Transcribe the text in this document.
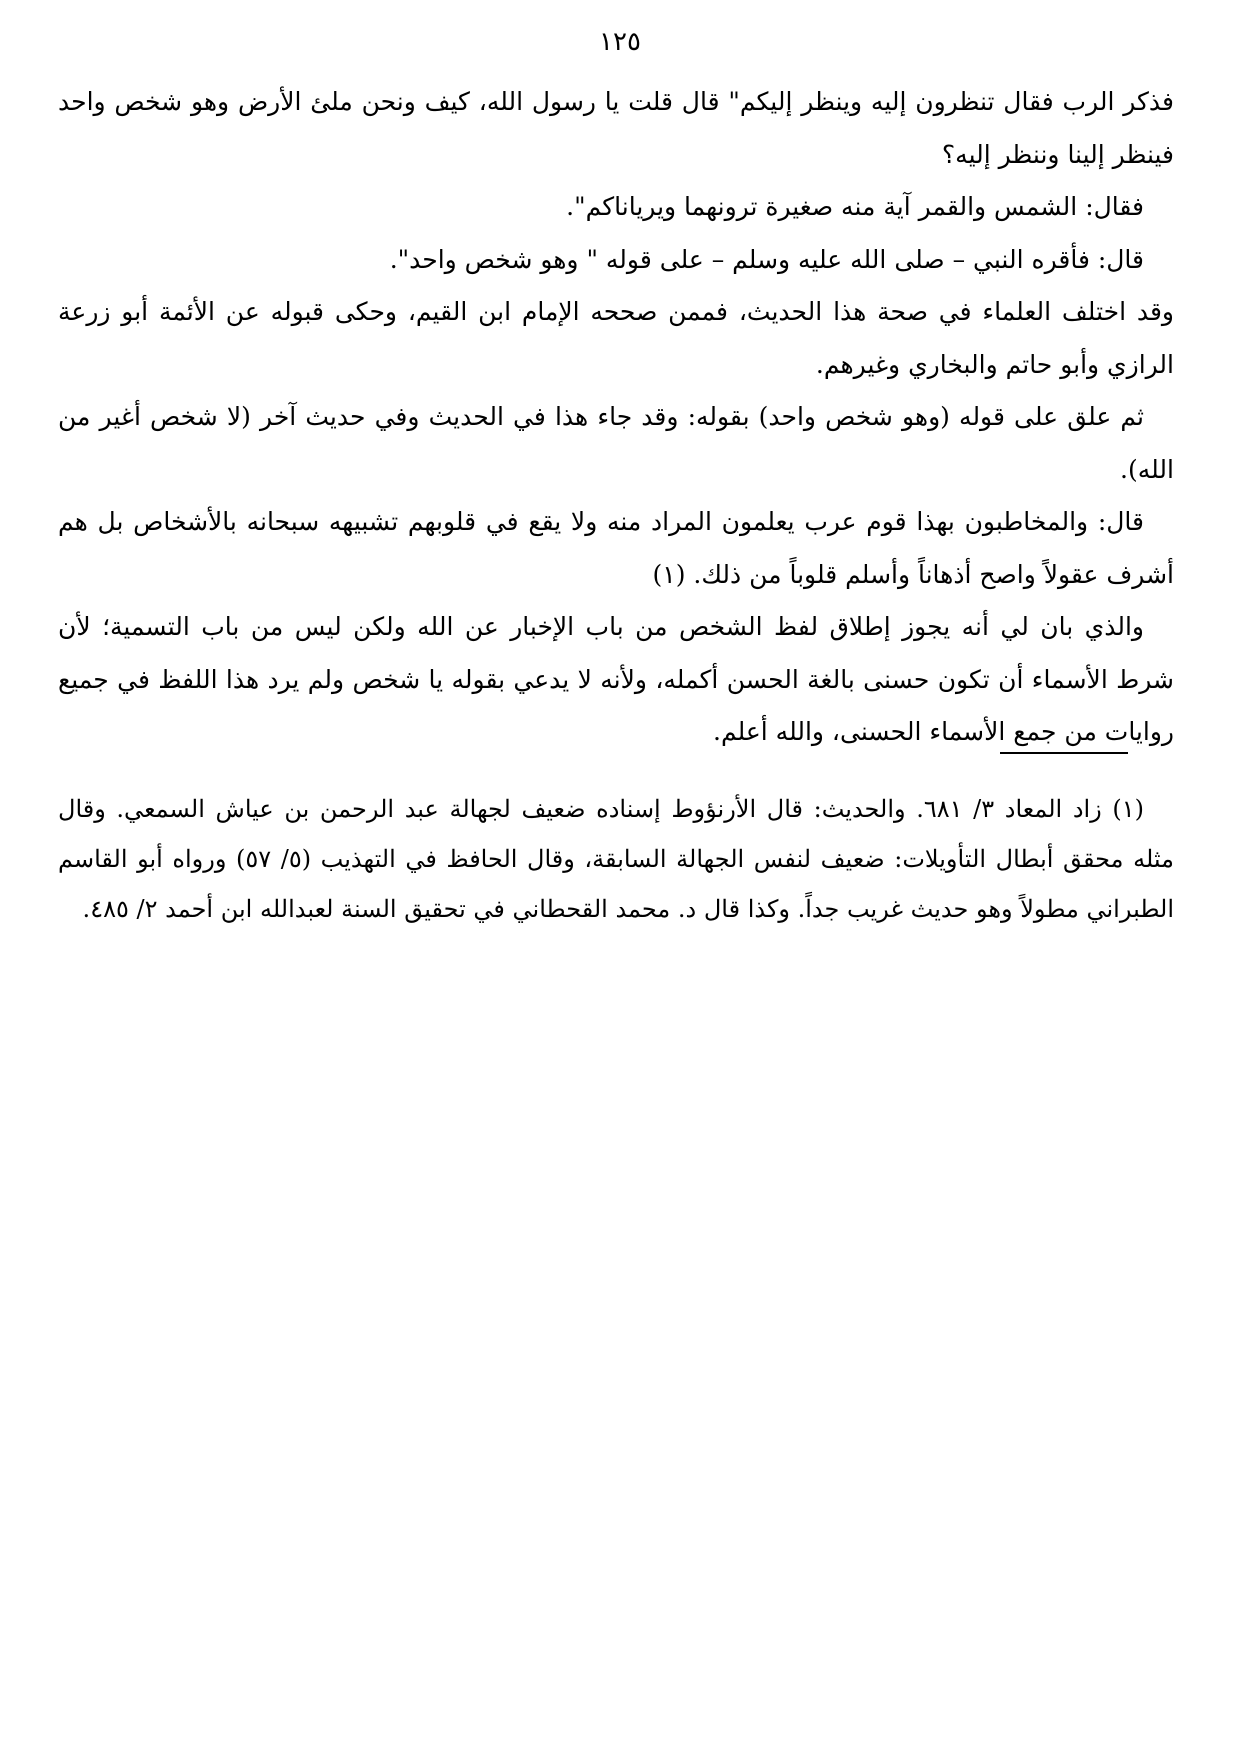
١٢٥

فذكر الرب فقال تنظرون إليه وينظر إليكم" قال قلت يا رسول الله، كيف ونحن ملئ الأرض وهو شخص واحد فينظر إلينا وننظر إليه؟

فقال: الشمس والقمر آية منه صغيرة ترونهما ويرياناكم".

قال: فأقره النبي – صلى الله عليه وسلم – على قوله " وهو شخص واحد".

وقد اختلف العلماء في صحة هذا الحديث، فممن صححه الإمام ابن القيم، وحكى قبوله عن الأئمة أبو زرعة الرازي وأبو حاتم والبخاري وغيرهم.

ثم علق على قوله (وهو شخص واحد) بقوله: وقد جاء هذا في الحديث وفي حديث آخر (لا شخص أغير من الله).

قال: والمخاطبون بهذا قوم عرب يعلمون المراد منه ولا يقع في قلوبهم تشبيهه سبحانه بالأشخاص بل هم أشرف عقولاً واصح أذهاناً وأسلم قلوباً من ذلك. (١)

والذي بان لي أنه يجوز إطلاق لفظ الشخص من باب الإخبار عن الله ولكن ليس من باب التسمية؛ لأن شرط الأسماء أن تكون حسنى بالغة الحسن أكمله، ولأنه لا يدعي بقوله يا شخص ولم يرد هذا اللفظ في جميع روايات من جمع الأسماء الحسنى، والله أعلم.

(١) زاد المعاد ٣/ ٦٨١. والحديث: قال الأرنؤوط إسناده ضعيف لجهالة عبد الرحمن بن عياش السمعي. وقال مثله محقق أبطال التأويلات: ضعيف لنفس الجهالة السابقة، وقال الحافظ في التهذيب (٥/ ٥٧) ورواه أبو القاسم الطبراني مطولاً وهو حديث غريب جداً. وكذا قال د. محمد القحطاني في تحقيق السنة لعبدالله ابن أحمد ٢/ ٤٨٥.
